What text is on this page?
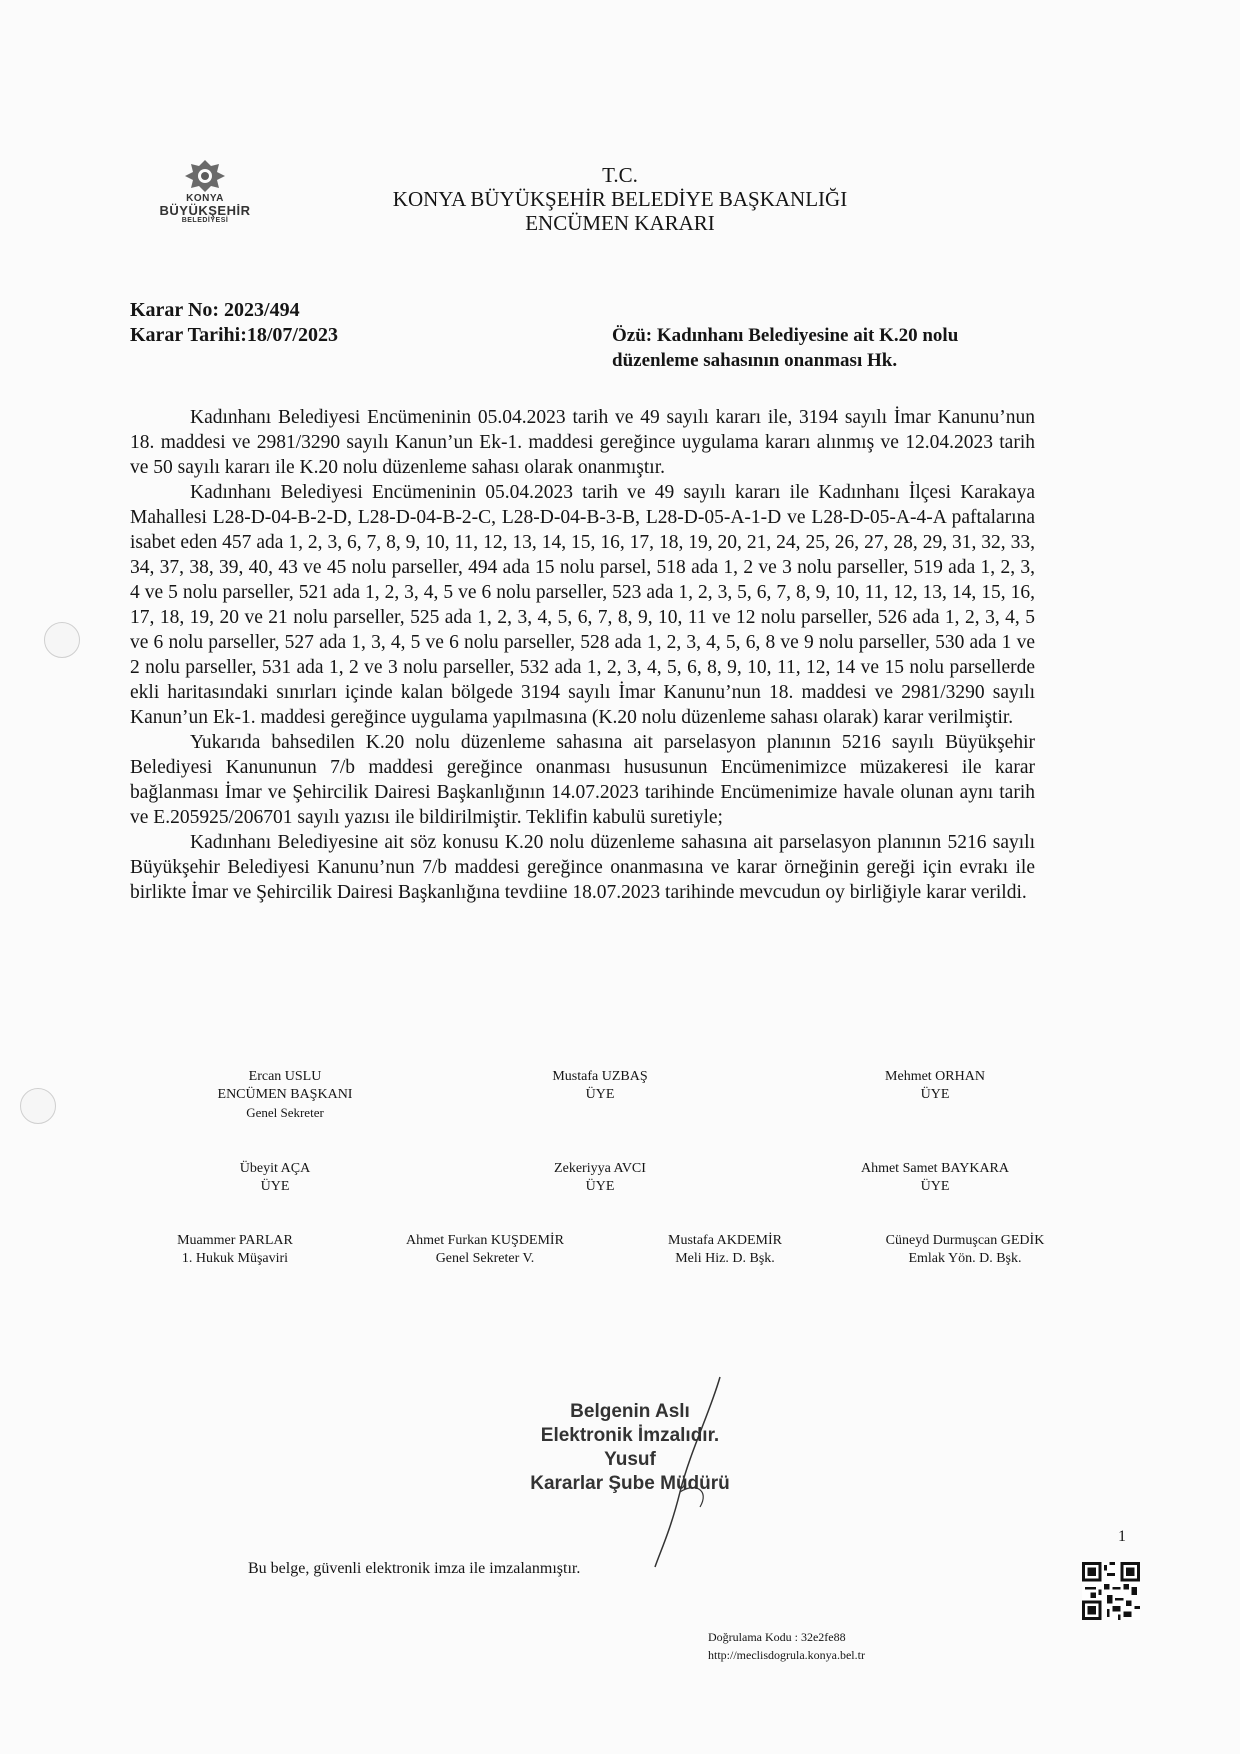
KONYA
BÜYÜKŞEHİR
BELEDİYESİ
T.C.
KONYA BÜYÜKŞEHİR BELEDİYE BAŞKANLIĞI
ENCÜMEN KARARI
Karar No: 2023/494
Karar Tarihi:18/07/2023	Özü: Kadınhanı Belediyesine ait K.20 nolu düzenleme sahasının onanması Hk.

Kadınhanı Belediyesi Encümeninin 05.04.2023 tarih ve 49 sayılı kararı ile, 3194 sayılı İmar Kanunu’nun 18. maddesi ve 2981/3290 sayılı Kanun’un Ek-1. maddesi gereğince uygulama kararı alınmış ve 12.04.2023 tarih ve 50 sayılı kararı ile K.20 nolu düzenleme sahası olarak onanmıştır.

Kadınhanı Belediyesi Encümeninin 05.04.2023 tarih ve 49 sayılı kararı ile Kadınhanı İlçesi Karakaya Mahallesi L28-D-04-B-2-D, L28-D-04-B-2-C, L28-D-04-B-3-B, L28-D-05-A-1-D ve L28-D-05-A-4-A paftalarına isabet eden 457 ada 1, 2, 3, 6, 7, 8, 9, 10, 11, 12, 13, 14, 15, 16, 17, 18, 19, 20, 21, 24, 25, 26, 27, 28, 29, 31, 32, 33, 34, 37, 38, 39, 40, 43 ve 45 nolu parseller, 494 ada 15 nolu parsel, 518 ada 1, 2 ve 3 nolu parseller, 519 ada 1, 2, 3, 4 ve 5 nolu parseller, 521 ada 1, 2, 3, 4, 5 ve 6 nolu parseller, 523 ada 1, 2, 3, 5, 6, 7, 8, 9, 10, 11, 12, 13, 14, 15, 16, 17, 18, 19, 20 ve 21 nolu parseller, 525 ada 1, 2, 3, 4, 5, 6, 7, 8, 9, 10, 11 ve 12 nolu parseller, 526 ada 1, 2, 3, 4, 5 ve 6 nolu parseller, 527 ada 1, 3, 4, 5 ve 6 nolu parseller, 528 ada 1, 2, 3, 4, 5, 6, 8 ve 9 nolu parseller, 530 ada 1 ve 2 nolu parseller, 531 ada 1, 2 ve 3 nolu parseller, 532 ada 1, 2, 3, 4, 5, 6, 8, 9, 10, 11, 12, 14 ve 15 nolu parsellerde ekli haritasındaki sınırları içinde kalan bölgede 3194 sayılı İmar Kanunu’nun 18. maddesi ve 2981/3290 sayılı Kanun’un Ek-1. maddesi gereğince uygulama yapılmasına (K.20 nolu düzenleme sahası olarak) karar verilmiştir.

Yukarıda bahsedilen K.20 nolu düzenleme sahasına ait parselasyon planının 5216 sayılı Büyükşehir Belediyesi Kanununun 7/b maddesi gereğince onanması hususunun Encümenimizce müzakeresi ile karar bağlanması İmar ve Şehircilik Dairesi Başkanlığının 14.07.2023 tarihinde Encümenimize havale olunan aynı tarih ve E.205925/206701 sayılı yazısı ile bildirilmiştir. Teklifin kabulü suretiyle;

Kadınhanı Belediyesine ait söz konusu K.20 nolu düzenleme sahasına ait parselasyon planının 5216 sayılı Büyükşehir Belediyesi Kanunu’nun 7/b maddesi gereğince onanmasına ve karar örneğinin gereği için evrakı ile birlikte İmar ve Şehircilik Dairesi Başkanlığına tevdiine 18.07.2023 tarihinde mevcudun oy birliğiyle karar verildi.

Ercan USLU
ENCÜMEN BAŞKANI
Genel Sekreter
Mustafa UZBAŞ
ÜYE
Mehmet ORHAN
ÜYE
Übeyit AÇA
ÜYE
Zekeriyya AVCI
ÜYE
Ahmet Samet BAYKARA
ÜYE
Muammer PARLAR
1. Hukuk Müşaviri
Ahmet Furkan KUŞDEMİR
Genel Sekreter V.
Mustafa AKDEMİR
Meli Hiz. D. Bşk.
Cüneyd Durmuşcan GEDİK
Emlak Yön. D. Bşk.
Belgenin Aslı
Elektronik İmzalıdır.
Yusuf
Kararlar Şube Müdürü
Bu belge, güvenli elektronik imza ile imzalanmıştır.
1
Doğrulama Kodu : 32e2fe88
http://meclisdogrula.konya.bel.tr
